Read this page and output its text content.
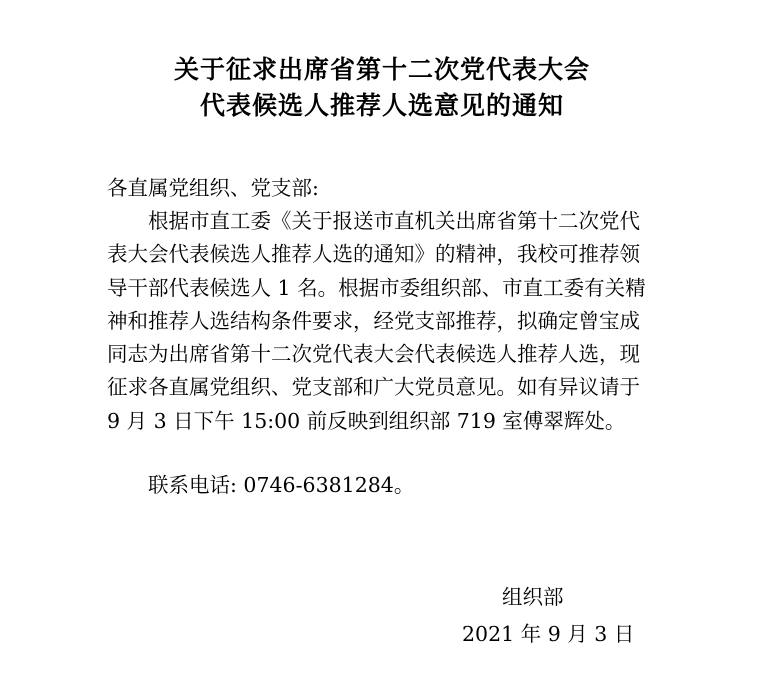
关于征求出席省第十二次党代表大会
代表候选人推荐人选意见的通知
各直属党组织、党支部:
根据市直工委《关于报送市直机关出席省第十二次党代
表大会代表候选人推荐人选的通知》的精神，我校可推荐领
导干部代表候选人 1 名。根据市委组织部、市直工委有关精
神和推荐人选结构条件要求，经党支部推荐，拟确定曾宝成
同志为出席省第十二次党代表大会代表候选人推荐人选，现
征求各直属党组织、党支部和广大党员意见。如有异议请于
9 月 3 日下午 15:00 前反映到组织部 719 室傅翠辉处。
联系电话: 0746-6381284。
组织部
2021 年 9 月 3 日
